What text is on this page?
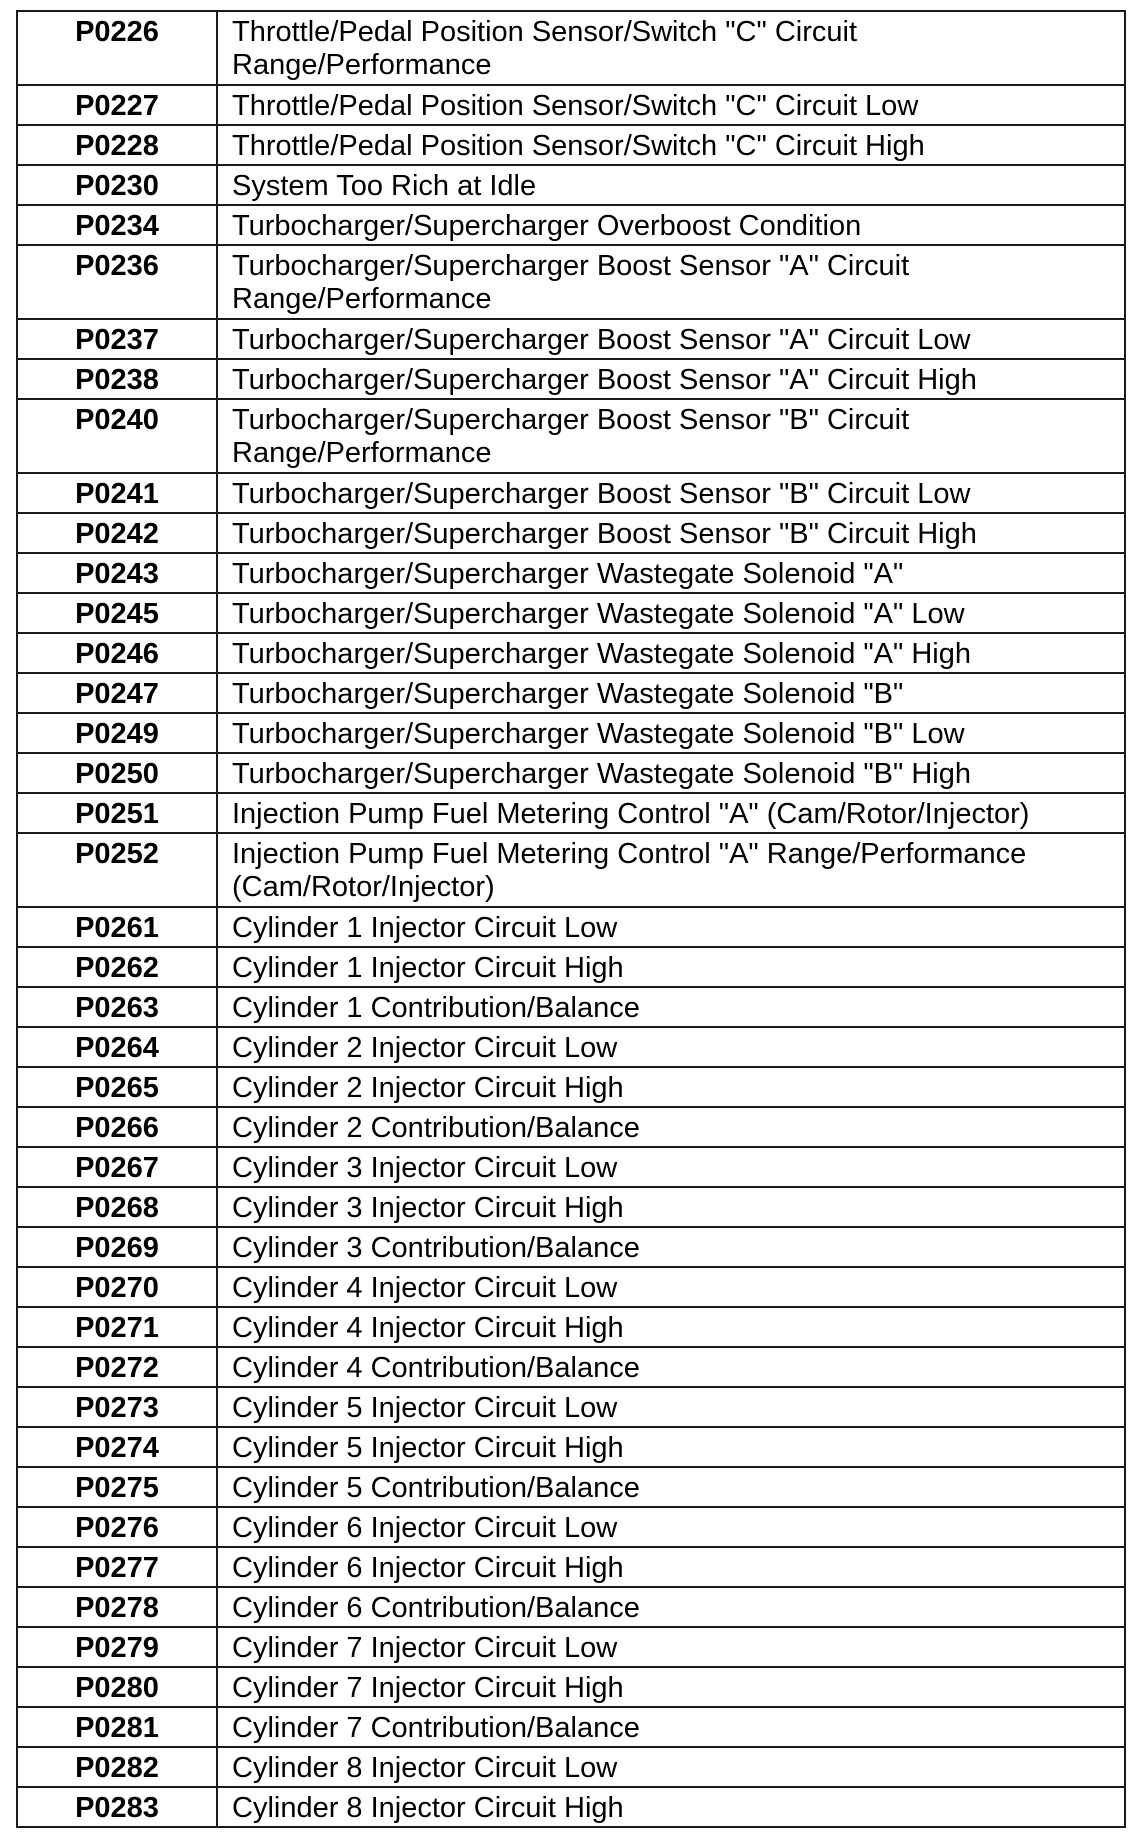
P0226	Throttle/Pedal Position Sensor/Switch "C" Circuit Range/Performance
P0227	Throttle/Pedal Position Sensor/Switch "C" Circuit Low
P0228	Throttle/Pedal Position Sensor/Switch "C" Circuit High
P0230	System Too Rich at Idle
P0234	Turbocharger/Supercharger Overboost Condition
P0236	Turbocharger/Supercharger Boost Sensor "A" Circuit Range/Performance
P0237	Turbocharger/Supercharger Boost Sensor "A" Circuit Low
P0238	Turbocharger/Supercharger Boost Sensor "A" Circuit High
P0240	Turbocharger/Supercharger Boost Sensor "B" Circuit Range/Performance
P0241	Turbocharger/Supercharger Boost Sensor "B" Circuit Low
P0242	Turbocharger/Supercharger Boost Sensor "B" Circuit High
P0243	Turbocharger/Supercharger Wastegate Solenoid "A"
P0245	Turbocharger/Supercharger Wastegate Solenoid "A" Low
P0246	Turbocharger/Supercharger Wastegate Solenoid "A" High
P0247	Turbocharger/Supercharger Wastegate Solenoid "B"
P0249	Turbocharger/Supercharger Wastegate Solenoid "B" Low
P0250	Turbocharger/Supercharger Wastegate Solenoid "B" High
P0251	Injection Pump Fuel Metering Control "A" (Cam/Rotor/Injector)
P0252	Injection Pump Fuel Metering Control "A" Range/Performance (Cam/Rotor/Injector)
P0261	Cylinder 1 Injector Circuit Low
P0262	Cylinder 1 Injector Circuit High
P0263	Cylinder 1 Contribution/Balance
P0264	Cylinder 2 Injector Circuit Low
P0265	Cylinder 2 Injector Circuit High
P0266	Cylinder 2 Contribution/Balance
P0267	Cylinder 3 Injector Circuit Low
P0268	Cylinder 3 Injector Circuit High
P0269	Cylinder 3 Contribution/Balance
P0270	Cylinder 4 Injector Circuit Low
P0271	Cylinder 4 Injector Circuit High
P0272	Cylinder 4 Contribution/Balance
P0273	Cylinder 5 Injector Circuit Low
P0274	Cylinder 5 Injector Circuit High
P0275	Cylinder 5 Contribution/Balance
P0276	Cylinder 6 Injector Circuit Low
P0277	Cylinder 6 Injector Circuit High
P0278	Cylinder 6 Contribution/Balance
P0279	Cylinder 7 Injector Circuit Low
P0280	Cylinder 7 Injector Circuit High
P0281	Cylinder 7 Contribution/Balance
P0282	Cylinder 8 Injector Circuit Low
P0283	Cylinder 8 Injector Circuit High
